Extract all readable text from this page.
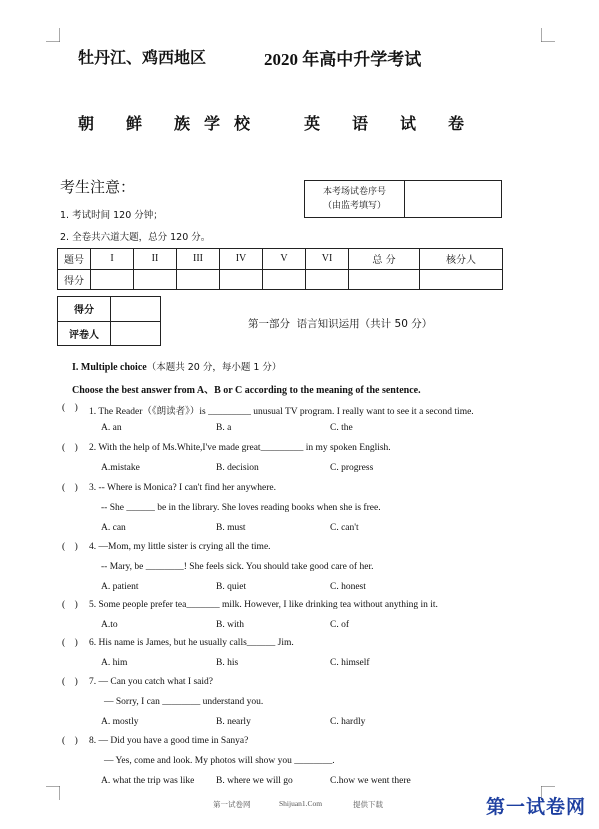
牡丹江、鸡西地区	2020 年高中升学考试
朝 鲜 族学校 英 语 试 卷
考生注意：
1. 考试时间 120 分钟；
2. 全卷共六道大题，总分 120 分。
本考场试卷序号
（由监考填写）	
题号	I	II	III	IV	V	VI	总 分	核分人
得分								
得分	
评卷人	
第一部分  语言知识运用（共计 50 分）
I. Multiple choice（本题共 20 分，每小题 1 分）
Choose the best answer from A、B or C according to the meaning of the sentence.
(    ) 1. The Reader（《朗读者》）is _________ unusual TV program. I really want to see it a second time.
A. an	B. a	C. the
(    ) 2. With the help of Ms.White,I've made great_________ in my spoken English.
A.mistake	B. decision	C. progress
(    ) 3. -- Where is Monica? I can't find her anywhere.
-- She ______ be in the library. She loves reading books when she is free.
A. can	B. must	C. can't
(    ) 4. —Mom, my little sister is crying all the time.
-- Mary, be ________! She feels sick. You should take good care of her.
A. patient	B. quiet	C. honest
(    ) 5. Some people prefer tea_______ milk. However, I like drinking tea without anything in it.
A.to	B. with	C. of
(    ) 6. His name is James, but he usually calls______ Jim.
A. him	B. his	C. himself
(    ) 7. — Can you catch what I said?
— Sorry, I can ________ understand you.
A. mostly	B. nearly	C. hardly
(    ) 8. — Did you have a good time in Sanya?
— Yes, come and look. My photos will show you ________.
A. what the trip was like B. where we will go	C.how we went there
第一试卷网	Shijuan1.Com	提供下载	第一试卷网
